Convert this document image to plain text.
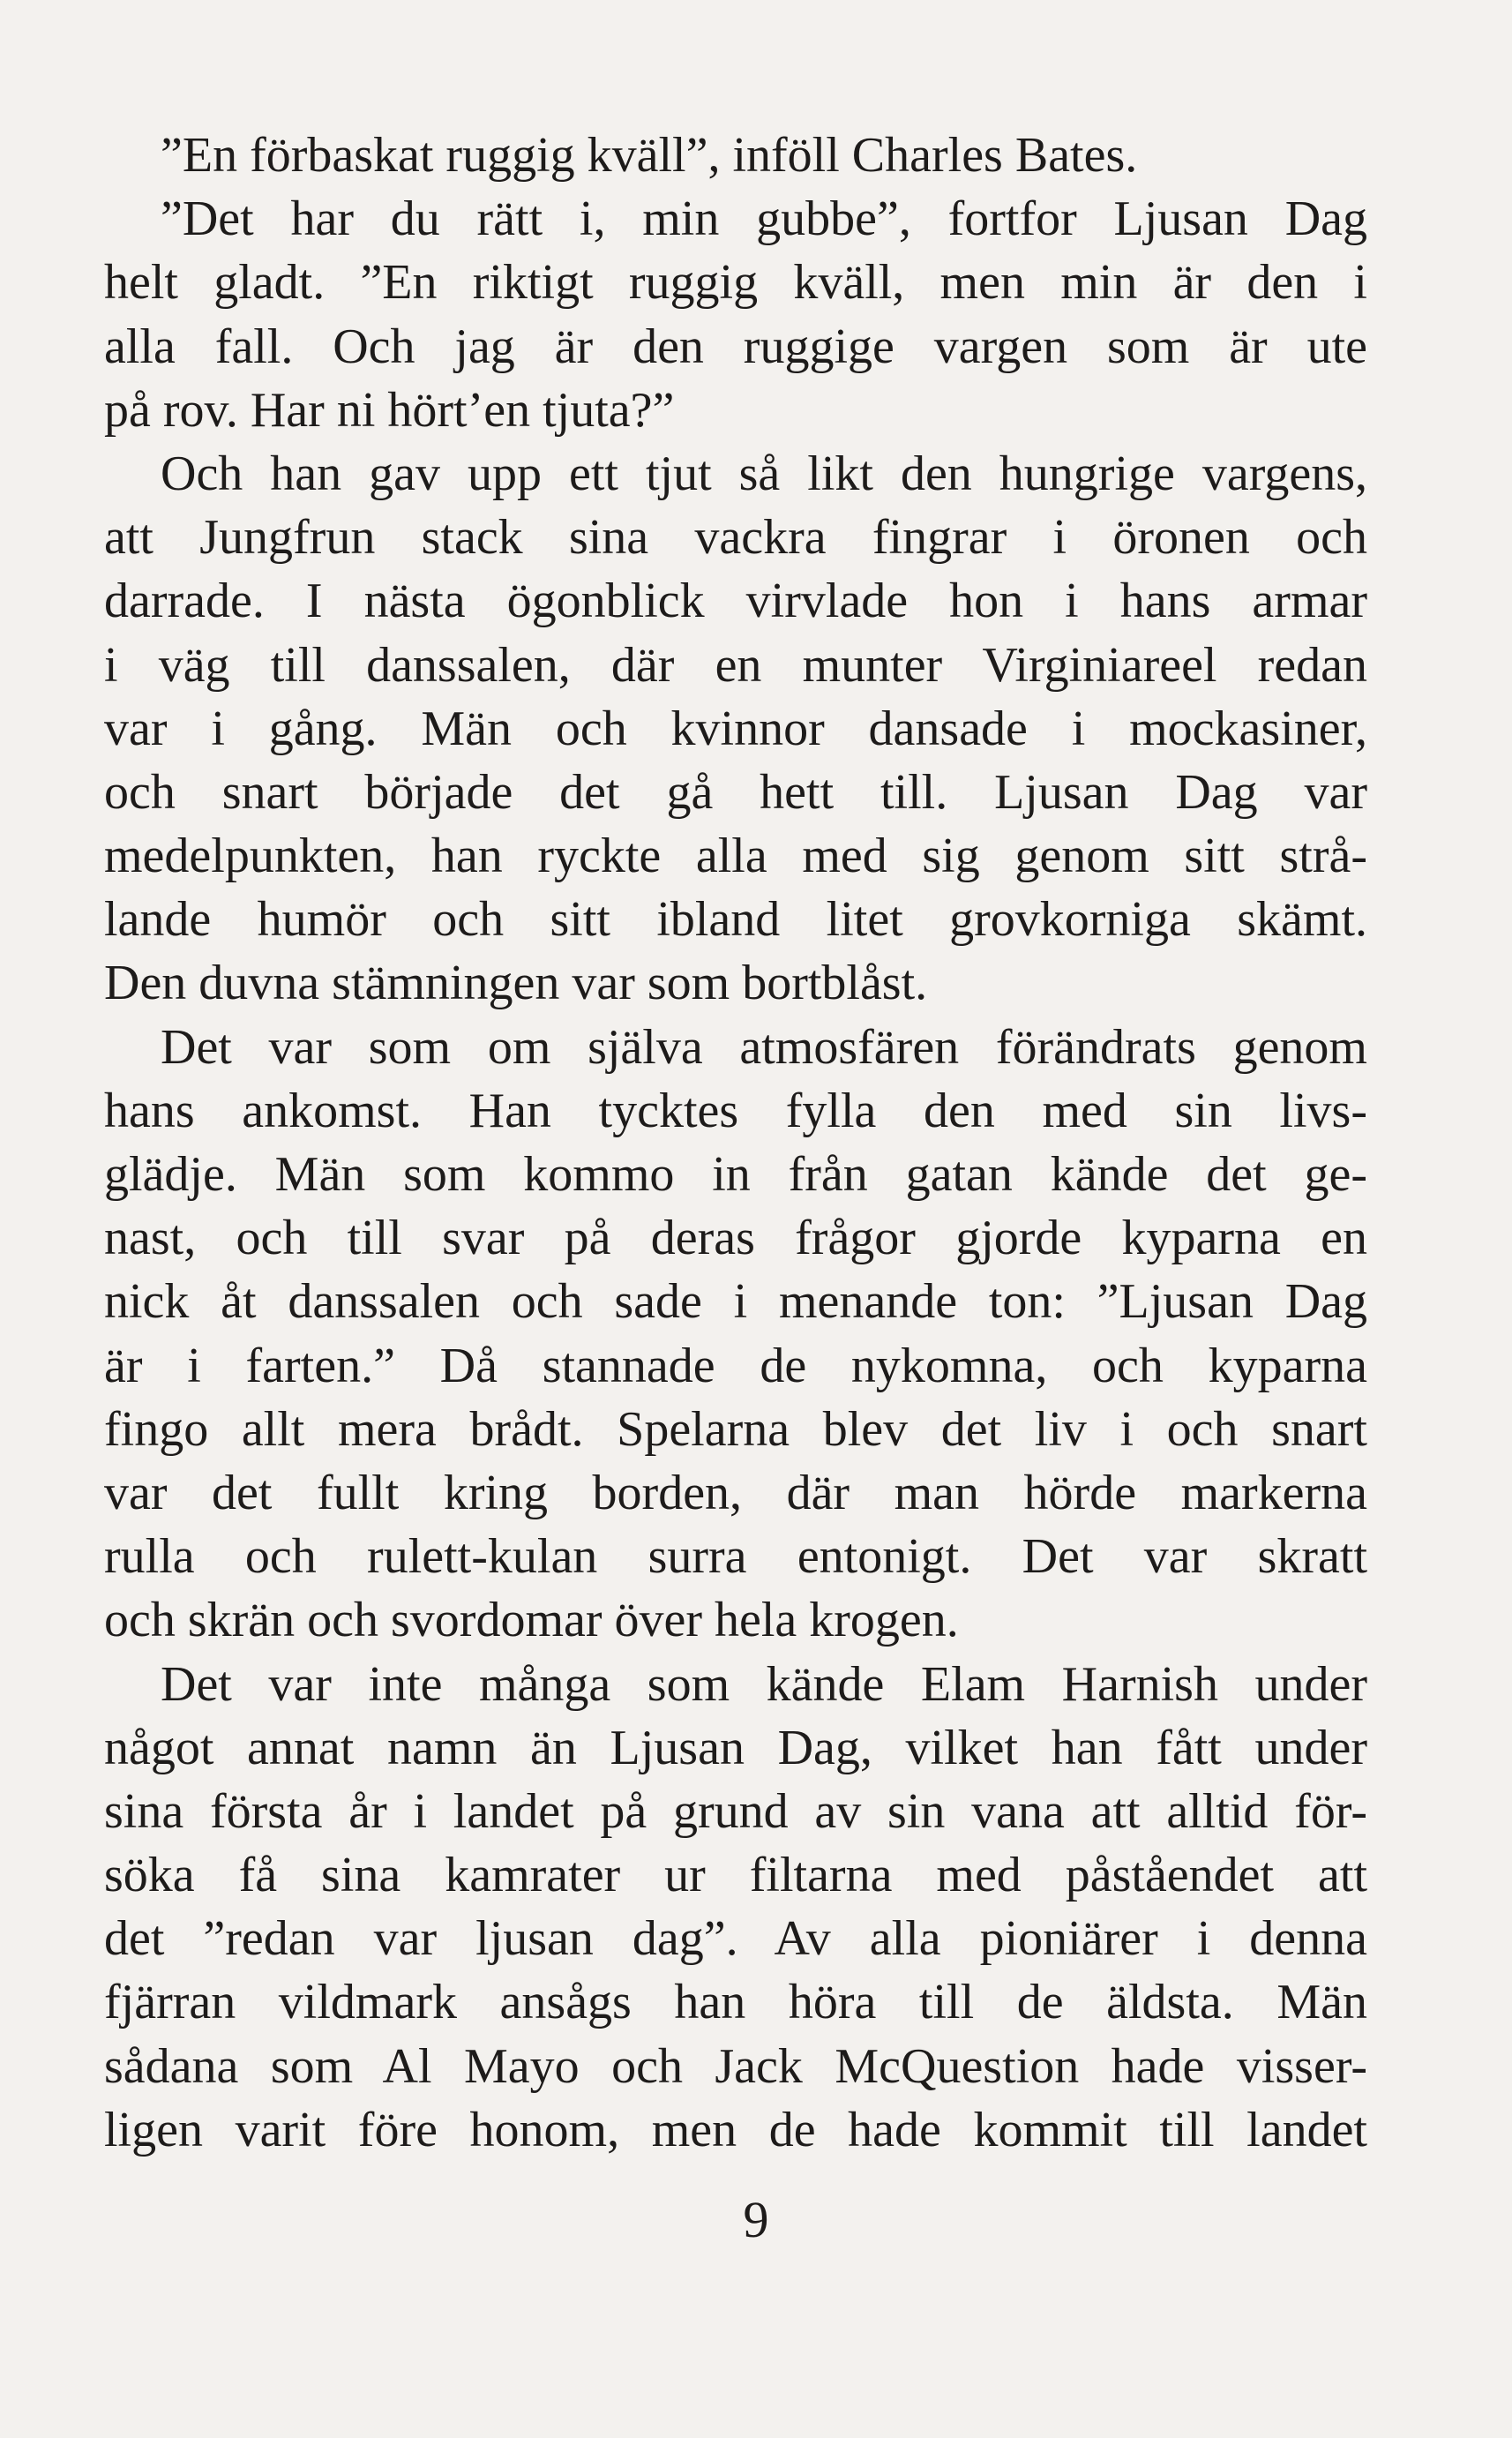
”En förbaskat ruggig kväll”, inföll Charles Bates.
”Det har du rätt i, min gubbe”, fortfor Ljusan Dag
helt gladt. ”En riktigt ruggig kväll, men min är den i
alla fall. Och jag är den ruggige vargen som är ute
på rov. Har ni hört’en tjuta?”
Och han gav upp ett tjut så likt den hungrige vargens,
att Jungfrun stack sina vackra fingrar i öronen och
darrade. I nästa ögonblick virvlade hon i hans armar
i väg till danssalen, där en munter Virginiareel redan
var i gång. Män och kvinnor dansade i mockasiner,
och snart började det gå hett till. Ljusan Dag var
medelpunkten, han ryckte alla med sig genom sitt strå-
lande humör och sitt ibland litet grovkorniga skämt.
Den duvna stämningen var som bortblåst.
Det var som om själva atmosfären förändrats genom
hans ankomst. Han tycktes fylla den med sin livs-
glädje. Män som kommo in från gatan kände det ge-
nast, och till svar på deras frågor gjorde kyparna en
nick åt danssalen och sade i menande ton: ”Ljusan Dag
är i farten.” Då stannade de nykomna, och kyparna
fingo allt mera brådt. Spelarna blev det liv i och snart
var det fullt kring borden, där man hörde markerna
rulla och rulett-kulan surra entonigt. Det var skratt
och skrän och svordomar över hela krogen.
Det var inte många som kände Elam Harnish under
något annat namn än Ljusan Dag, vilket han fått under
sina första år i landet på grund av sin vana att alltid för-
söka få sina kamrater ur filtarna med påståendet att
det ”redan var ljusan dag”. Av alla pioniärer i denna
fjärran vildmark ansågs han höra till de äldsta. Män
sådana som Al Mayo och Jack McQuestion hade visser-
ligen varit före honom, men de hade kommit till landet
9
